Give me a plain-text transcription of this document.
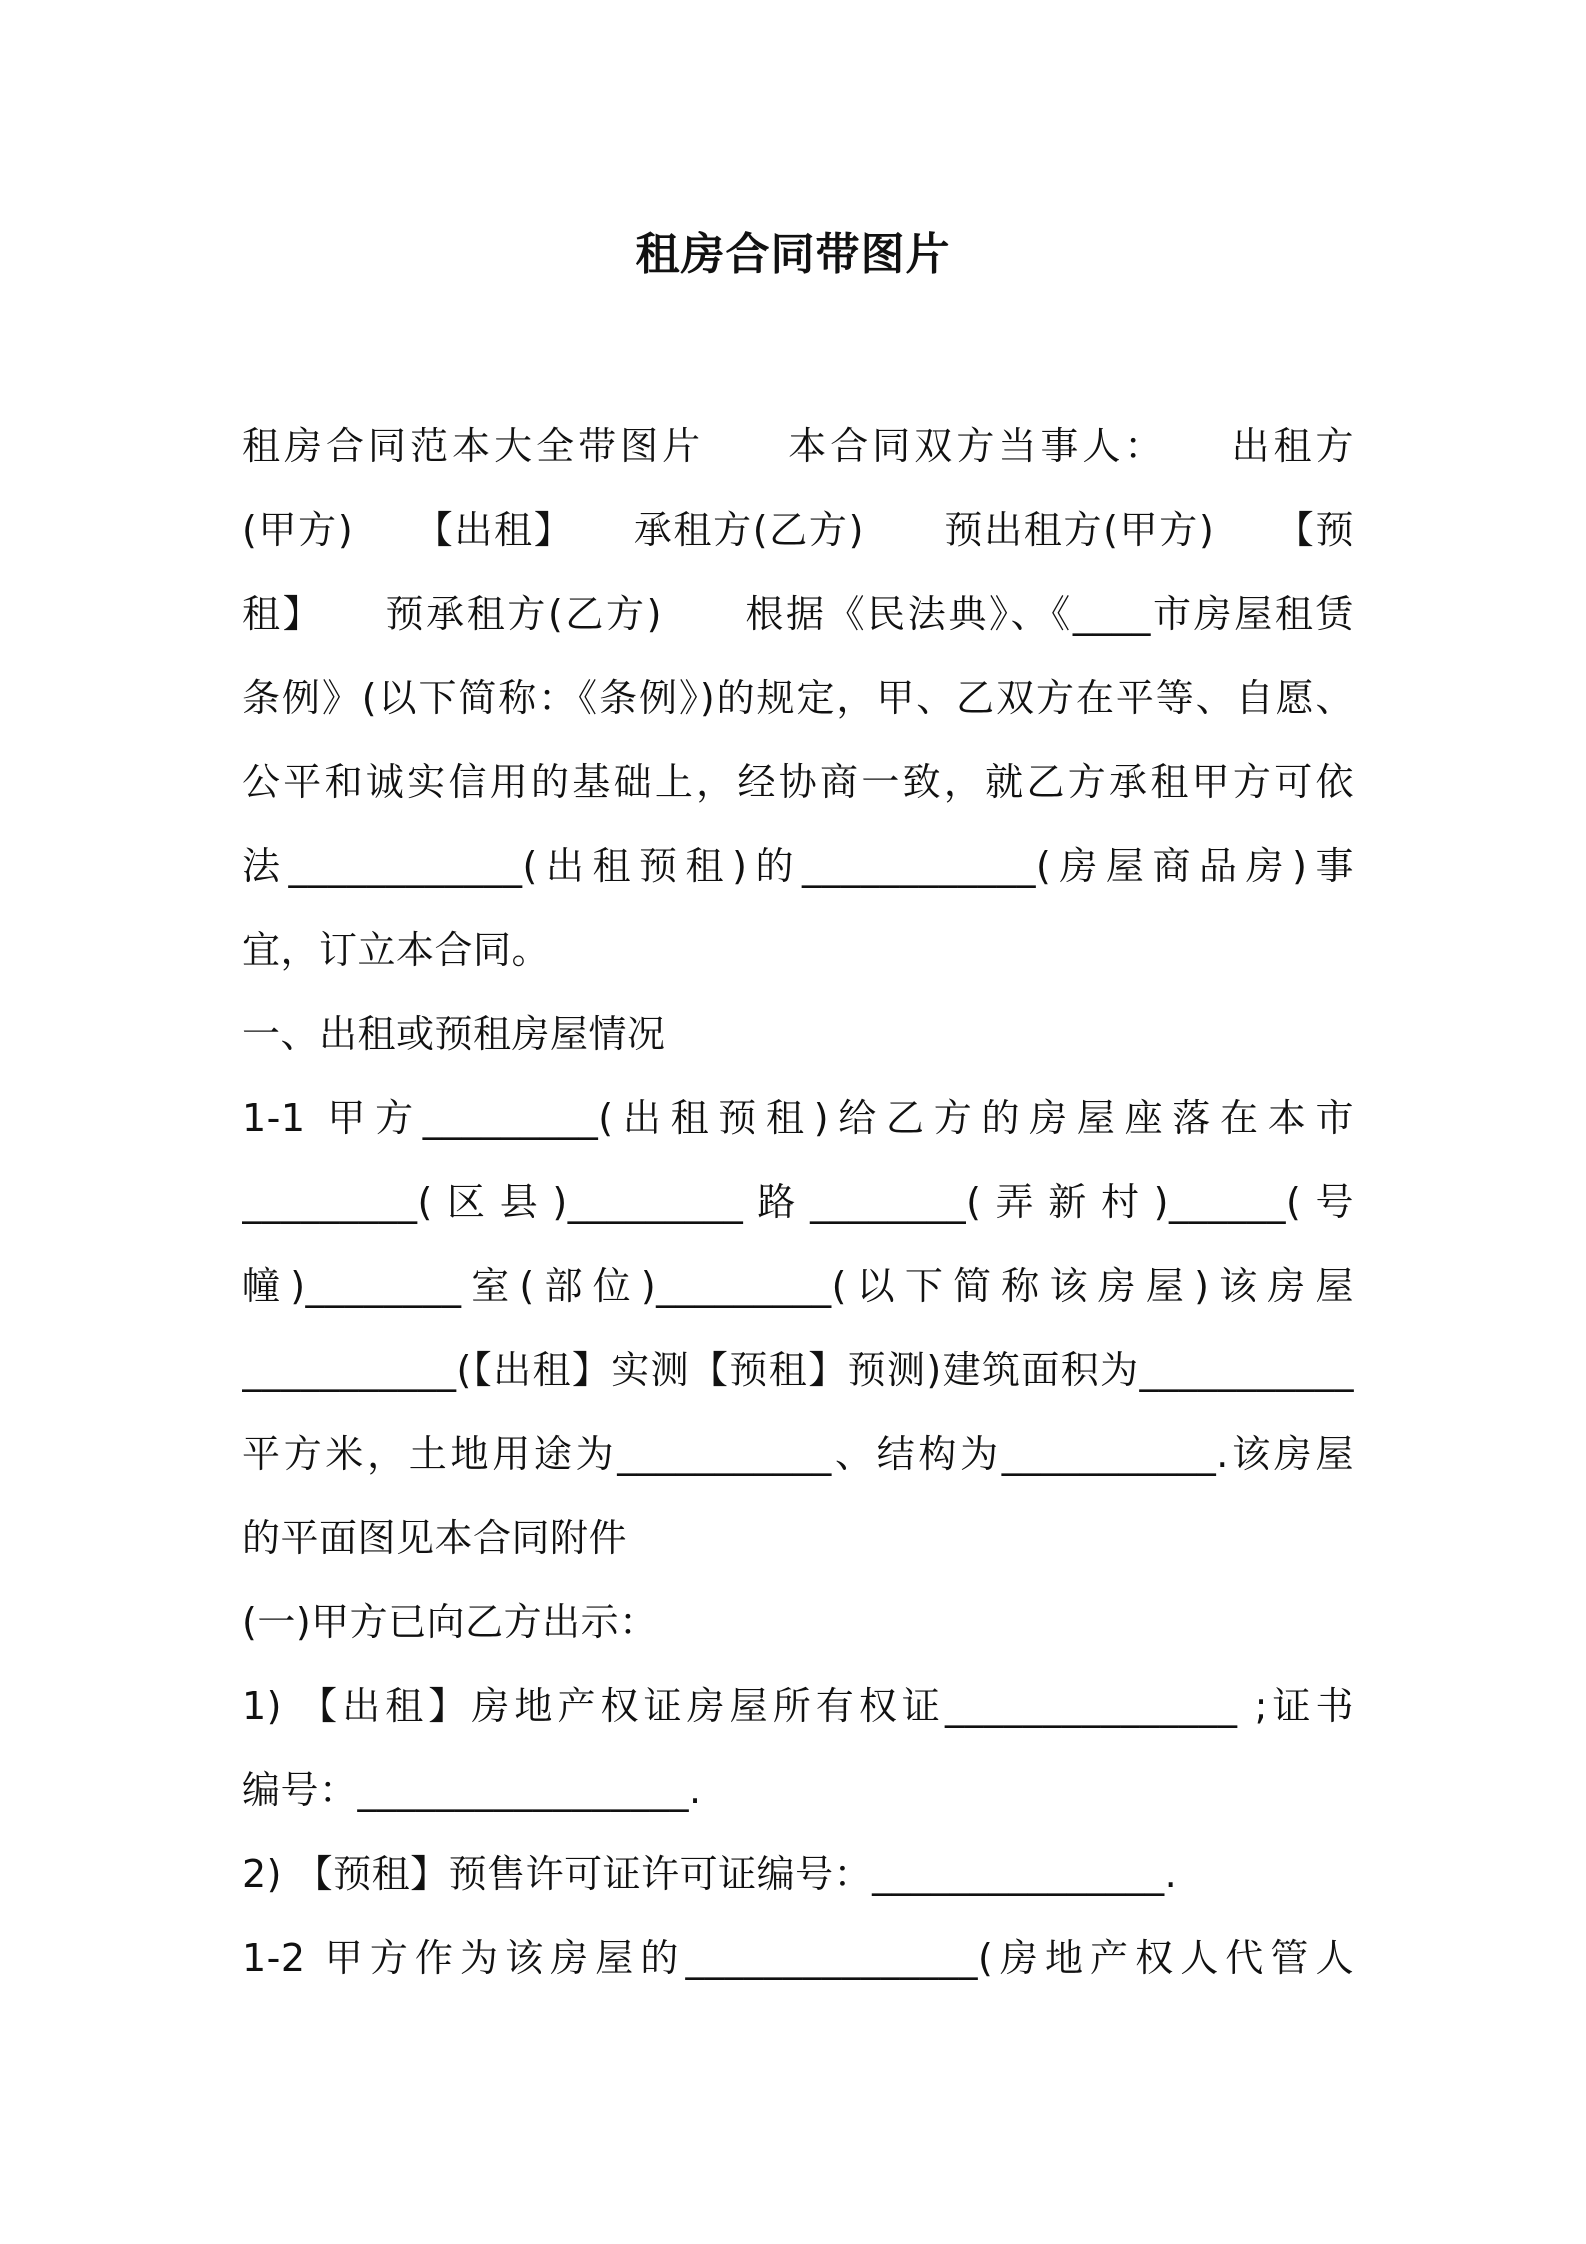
租房合同带图片
租房合同范本大全带图片　　本合同双方当事人：　　出租方
(甲方)　　【出租】　　承租方(乙方)　　预出租方(甲方)　　【预
租】　　预承租方(乙方)　　根据《民法典》、《____市房屋租赁
条例》(以下简称：《条例》)的规定，甲、乙双方在平等、自愿、
公平和诚实信用的基础上，经协商一致，就乙方承租甲方可依
法____________(出租预租)的____________(房屋商品房)事
宜，订立本合同。
一、出租或预租房屋情况
1-1 甲方_________(出租预租)给乙方的房屋座落在本市
_________(区县)_________路________(弄新村)______(号
幢)________室(部位)_________(以下简称该房屋)该房屋
___________(【出租】实测【预租】预测)建筑面积为___________
平方米，土地用途为___________、结构为___________.该房屋
的平面图见本合同附件
(一)甲方已向乙方出示：
1) 【出租】房地产权证房屋所有权证_______________ ;证书
编号：_________________.
2) 【预租】预售许可证许可证编号：_______________.
1-2 甲方作为该房屋的_______________(房地产权人代管人
